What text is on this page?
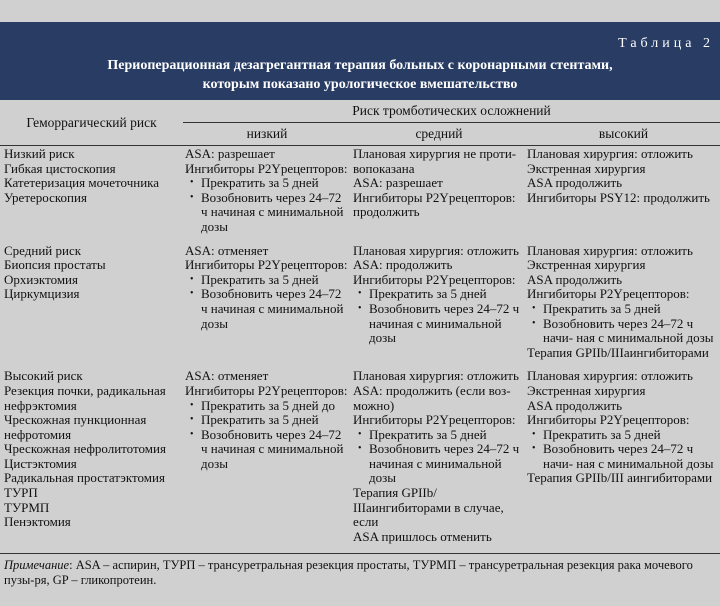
Таблица 2
Периоперационная дезагрегантная терапия больных с коронарными стентами,
которым показано урологическое вмешательство
Геморрагический риск
Риск тромботических осложнений
низкий	средний	высокий
Низкий риск
Гибкая цистоскопия
Катетеризация мочеточника
Уретероскопия
ASA: разрешает
Ингибиторы P2Yрецепторов:
• Прекратить за 5 дней
• Возобновить через 24–72 ч начиная с минимальной дозы
Плановая хирургия не проти-
вопоказана
ASA: разрешает
Ингибиторы P2Yрецепторов:
продолжить
Плановая хирургия: отложить
Экстренная хирургия
ASA продолжить
Ингибиторы PSY12: продолжить
Средний риск
Биопсия простаты
Орхиэктомия
Циркумцизия
ASA: отменяет
Ингибиторы P2Yрецепторов:
• Прекратить за 5 дней
• Возобновить через 24–72 ч начиная с минимальной дозы
Плановая хирургия: отложить
ASA: продолжить
Ингибиторы P2Yрецепторов:
• Прекратить за 5 дней
• Возобновить через 24–72 ч начиная с минимальной дозы
Плановая хирургия: отложить
Экстренная хирургия
ASA продолжить
Ингибиторы P2Yрецепторов:
• Прекратить за 5 дней
• Возобновить через 24–72 ч начи- ная с минимальной дозы
Терапия GPIIb/IIIаингибиторами
Высокий риск
Резекция почки, радикальная
нефрэктомия
Чрескожная пункционная
нефротомия
Чрескожная нефролитотомия
Цистэктомия
Радикальная простатэктомия
ТУРП
ТУРМП
Пенэктомия
ASA: отменяет
Ингибиторы P2Yрецепторов:
• Прекратить за 5 дней до
• Прекратить за 5 дней
• Возобновить через 24–72 ч начиная с минимальной дозы
Плановая хирургия: отложить
ASA: продолжить (если воз-
можно)
Ингибиторы P2Yрецепторов:
• Прекратить за 5 дней
• Возобновить через 24–72 ч начиная с минимальной дозы
Терапия GPIIb/
IIIаингибиторами в случае,
если
ASA пришлось отменить
Плановая хирургия: отложить
Экстренная хирургия
ASA продолжить
Ингибиторы P2Yрецепторов:
• Прекратить за 5 дней
• Возобновить через 24–72 ч начи- ная с минимальной дозы
Терапия GPIIb/III аингибиторами
Примечание: ASA – аспирин, ТУРП – трансуретральная резекция простаты, ТУРМП – трансуретральная резекция рака мочевого пузы-ря, GP – гликопротеин.
